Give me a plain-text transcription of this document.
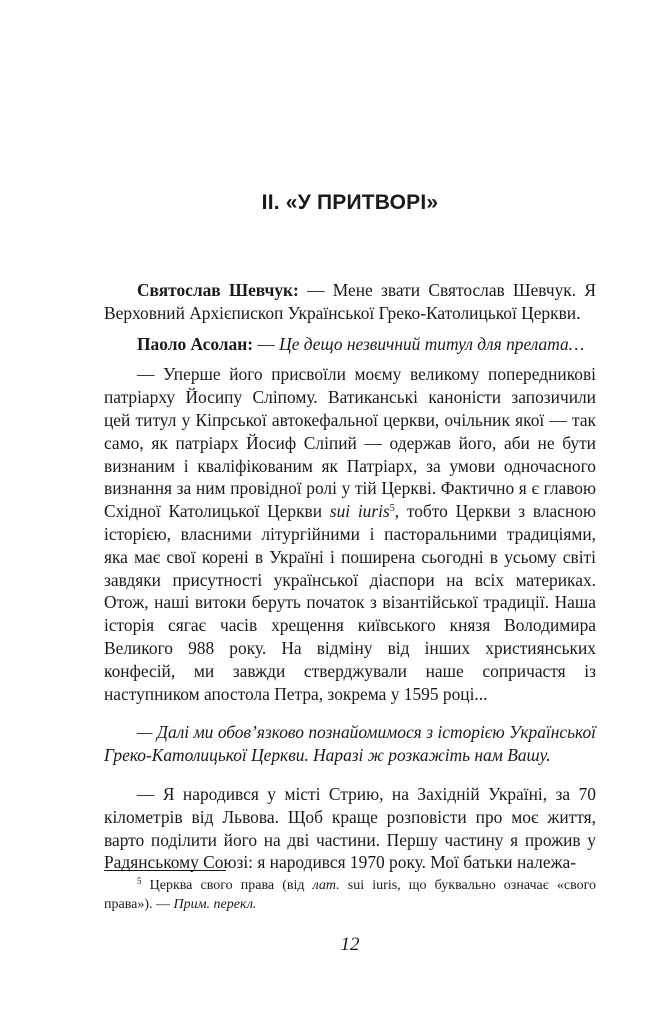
ІІ. «У ПРИТВОРІ»

Святослав Шевчук: — Мене звати Святослав Шевчук. Я Верховний Архієпископ Української Греко-Католицької Церкви.

Паоло Асолан: — Це дещо незвичний титул для прелата…

— Уперше його присвоїли моєму великому попередникові патріарху Йосипу Сліпому. Ватиканські каноністи запозичили цей титул у Кіпрської автокефальної церкви, очільник якої — так само, як патріарх Йосиф Сліпий — одержав його, аби не бути визнаним і кваліфікованим як Патріарх, за умови одночасного визнання за ним провідної ролі у тій Церкві. Фактично я є главою Східної Католицької Церкви sui iuris$^5$, тобто Церкви з власною історією, власними літургійними і пасторальними традиціями, яка має свої корені в Україні і поширена сьогодні в усьому світі завдяки присутності української діаспори на всіх материках. Отож, наші витоки беруть початок з візантійської традиції. Наша історія сягає часів хрещення київського князя Володимира Великого 988 року. На відміну від інших християнських конфесій, ми завжди стверджували наше сопричастя із наступником апостола Петра, зокрема у 1595 році...

— Далі ми обов’язково познайомимося з історією Української Греко-Католицької Церкви. Наразі ж розкажіть нам Вашу.

— Я народився у місті Стрию, на Західній Україні, за 70 кілометрів від Львова. Щоб краще розповісти про моє життя, варто поділити його на дві частини. Першу частину я прожив у Радянському Союзі: я народився 1970 року. Мої батьки належа-

$^5$ Церква свого права (від лат. sui iuris, що буквально означає «свого права»). — Прим. перекл.

12
